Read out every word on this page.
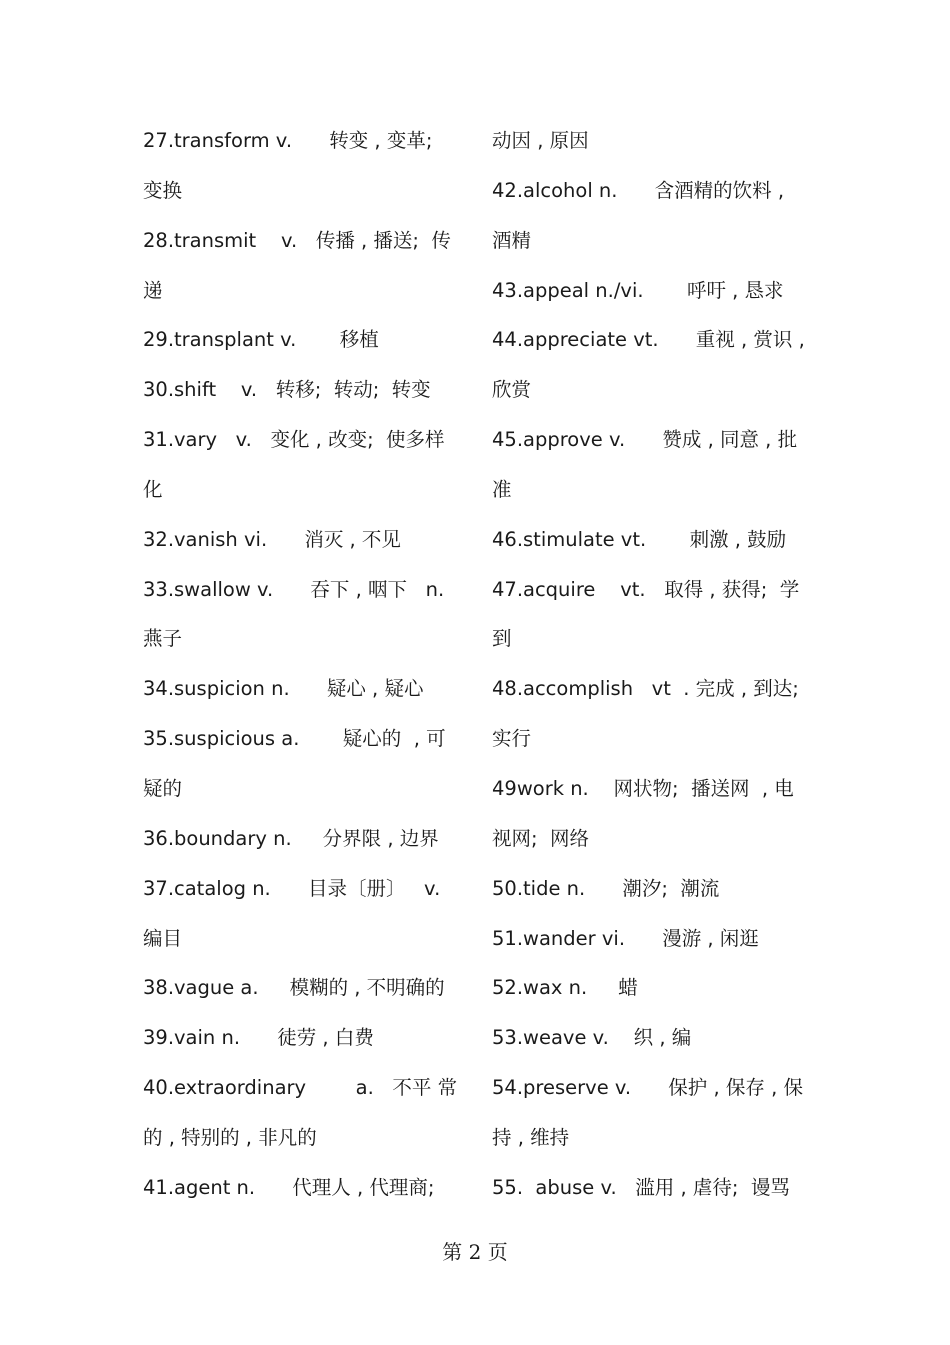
27.transform v.      转变 , 变革;
变换
28.transmit    v.   传播 , 播送;  传
递
29.transplant v.       移植
30.shift    v.   转移;  转动;  转变
31.vary   v.   变化 , 改变;  使多样
化
32.vanish vi.      消灭 , 不见
33.swallow v.      吞下 , 咽下   n.
燕子
34.suspicion n.      疑心 , 疑心
35.suspicious a.       疑心的  , 可
疑的
36.boundary n.     分界限 , 边界
37.catalog n.      目录〔册〕   v.
编目
38.vague a.     模糊的 , 不明确的
39.vain n.      徒劳 , 白费
40.extraordinary        a.   不平 常
的 , 特别的 , 非凡的
41.agent n.      代理人 , 代理商;
动因 , 原因
42.alcohol n.      含酒精的饮料 ,
酒精
43.appeal n./vi.       呼吁 , 恳求
44.appreciate vt.      重视 , 赏识 ,
欣赏
45.approve v.      赞成 , 同意 , 批
准
46.stimulate vt.       刺激 , 鼓励
47.acquire    vt.   取得 , 获得;  学
到
48.accomplish   vt  . 完成 , 到达;
实行
49work n.    网状物;  播送网  , 电
视网;  网络
50.tide n.      潮汐;  潮流
51.wander vi.      漫游 , 闲逛
52.wax n.     蜡
53.weave v.    织 , 编
54.preserve v.      保护 , 保存 , 保
持 , 维持
55.  abuse v.   滥用 , 虐待;  谩骂
第 2 页
